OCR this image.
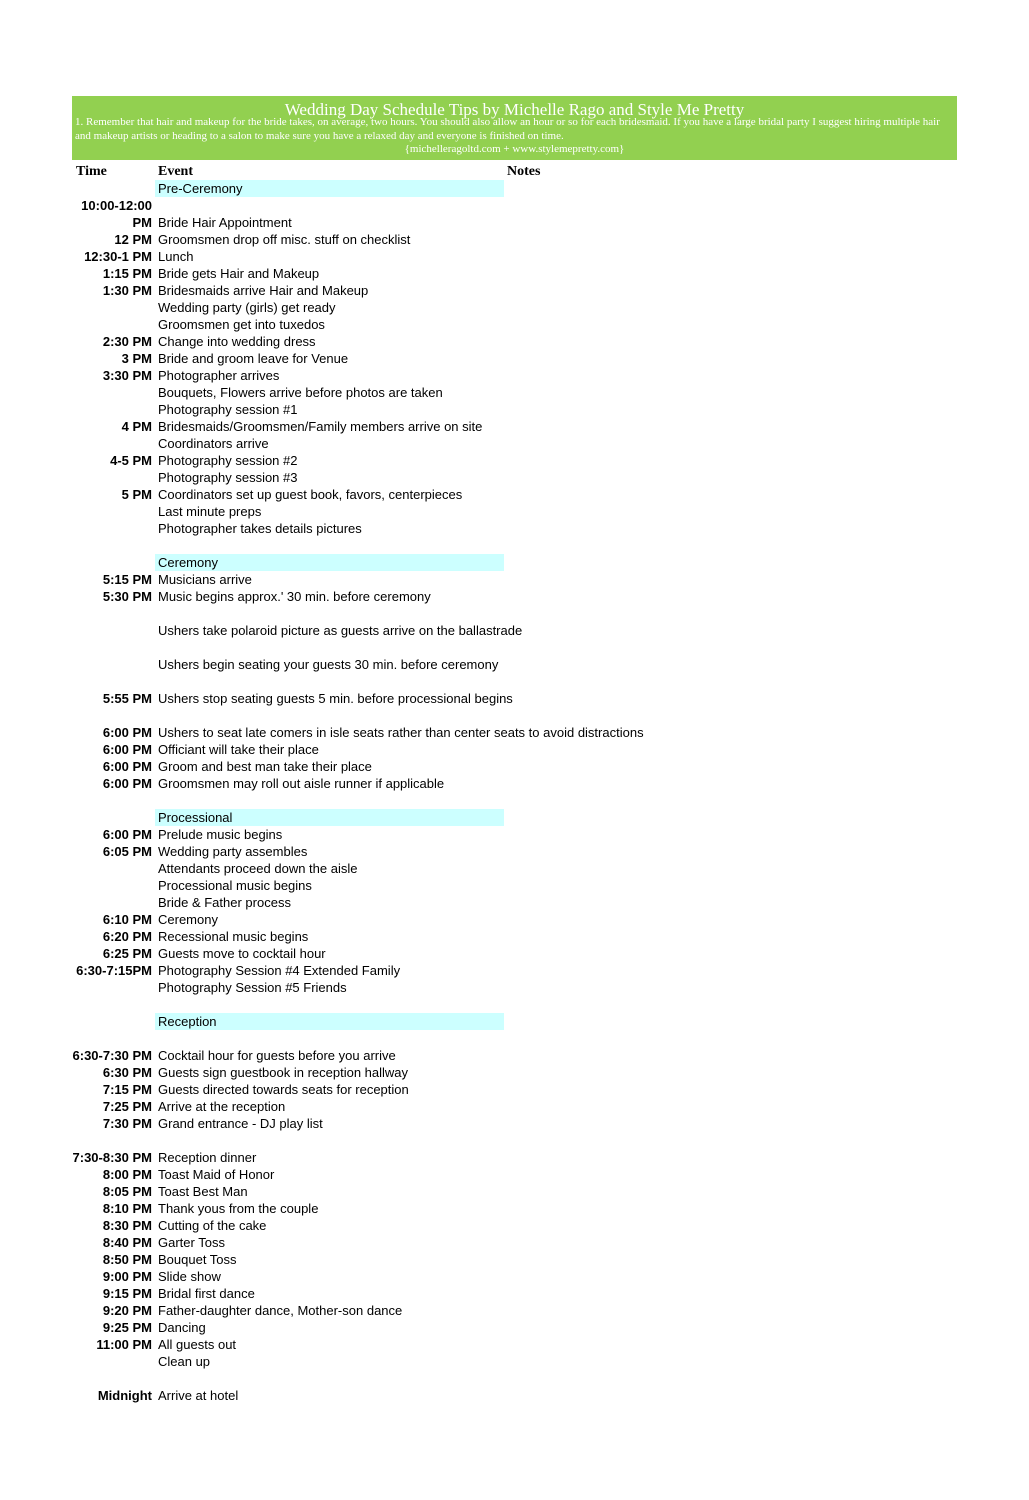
Wedding Day Schedule Tips by Michelle Rago and Style Me Pretty
1. Remember that hair and makeup for the bride takes, on average, two hours. You should also allow an hour or so for each bridesmaid. If you have a large bridal party I suggest hiring multiple hair and makeup artists or heading to a salon to make sure you have a relaxed day and everyone is finished on time.
{michelleragoltd.com + www.stylemepretty.com}
Time	Event	Notes
Pre-Ceremony
10:00-12:00 PM Bride Hair Appointment
12 PM Groomsmen drop off misc. stuff on checklist
12:30-1 PM Lunch
1:15 PM Bride gets Hair and Makeup
1:30 PM Bridesmaids arrive Hair and Makeup
Wedding party (girls) get ready
Groomsmen get into tuxedos
2:30 PM Change into wedding dress
3 PM Bride and groom leave for Venue
3:30 PM Photographer arrives
Bouquets, Flowers arrive before photos are taken
Photography session #1
4 PM Bridesmaids/Groomsmen/Family members arrive on site
Coordinators arrive
4-5 PM Photography session #2
Photography session #3
5 PM Coordinators set up guest book, favors, centerpieces
Last minute preps
Photographer takes details pictures
Ceremony
5:15 PM Musicians arrive
5:30 PM Music begins approx.' 30 min. before ceremony
Ushers take polaroid picture as guests arrive on the ballastrade
Ushers begin seating your guests 30 min. before ceremony
5:55 PM Ushers stop seating guests 5 min. before processional begins
6:00 PM Ushers to seat late comers in isle seats rather than center seats to avoid distractions
6:00 PM Officiant will take their place
6:00 PM Groom and best man take their place
6:00 PM Groomsmen may roll out aisle runner if applicable
Processional
6:00 PM Prelude music begins
6:05 PM Wedding party assembles
Attendants proceed down the aisle
Processional music begins
Bride & Father process
6:10 PM Ceremony
6:20 PM Recessional music begins
6:25 PM Guests move to cocktail hour
6:30-7:15PM Photography Session #4 Extended Family
Photography Session #5 Friends
Reception
6:30-7:30 PM Cocktail hour for guests before you arrive
6:30 PM Guests sign guestbook in reception hallway
7:15 PM Guests directed towards seats for reception
7:25 PM Arrive at the reception
7:30 PM Grand entrance - DJ play list
7:30-8:30 PM Reception dinner
8:00 PM Toast Maid of Honor
8:05 PM Toast Best Man
8:10 PM Thank yous from the couple
8:30 PM Cutting of the cake
8:40 PM Garter Toss
8:50 PM Bouquet Toss
9:00 PM Slide show
9:15 PM Bridal first dance
9:20 PM Father-daughter dance, Mother-son dance
9:25 PM Dancing
11:00 PM All guests out
Clean up
Midnight Arrive at hotel
